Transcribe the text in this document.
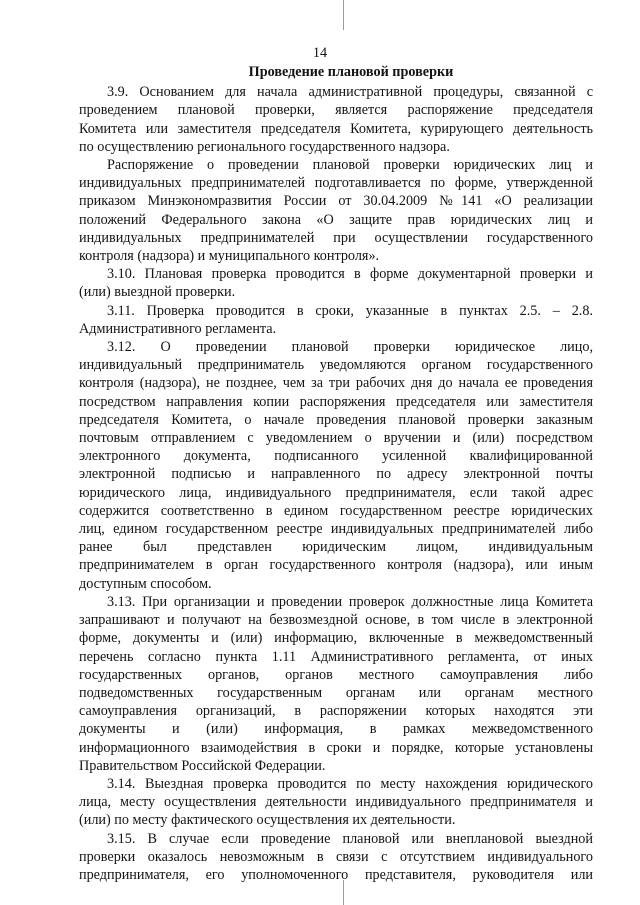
14
Проведение плановой проверки
3.9. Основанием для начала административной процедуры, связанной с
проведением плановой проверки, является распоряжение председателя
Комитета или заместителя председателя Комитета, курирующего деятельность
по осуществлению регионального государственного надзора.
Распоряжение о проведении плановой проверки юридических лиц и
индивидуальных предпринимателей подготавливается по форме, утвержденной
приказом Минэкономразвития России от 30.04.2009 №141 «О реализации
положений Федерального закона «О защите прав юридических лиц и
индивидуальных предпринимателей при осуществлении государственного
контроля (надзора) и муниципального контроля».
3.10. Плановая проверка проводится в форме документарной проверки и
(или) выездной проверки.
3.11. Проверка проводится в сроки, указанные в пунктах 2.5. – 2.8.
Административного регламента.
3.12. О проведении плановой проверки юридическое лицо,
индивидуальный предприниматель уведомляются органом государственного
контроля (надзора), не позднее, чем за три рабочих дня до начала ее проведения
посредством направления копии распоряжения председателя или заместителя
председателя Комитета, о начале проведения плановой проверки заказным
почтовым отправлением с уведомлением о вручении и (или) посредством
электронного документа, подписанного усиленной квалифицированной
электронной подписью и направленного по адресу электронной почты
юридического лица, индивидуального предпринимателя, если такой адрес
содержится соответственно в едином государственном реестре юридических
лиц, едином государственном реестре индивидуальных предпринимателей либо
ранее был представлен юридическим лицом, индивидуальным
предпринимателем в орган государственного контроля (надзора), или иным
доступным способом.
3.13. При организации и проведении проверок должностные лица Комитета
запрашивают и получают на безвозмездной основе, в том числе в электронной
форме, документы и (или) информацию, включенные в межведомственный
перечень согласно пункта 1.11 Административного регламента, от иных
государственных органов, органов местного самоуправления либо
подведомственных государственным органам или органам местного
самоуправления организаций, в распоряжении которых находятся эти
документы и (или) информация, в рамках межведомственного
информационного взаимодействия в сроки и порядке, которые установлены
Правительством Российской Федерации.
3.14. Выездная проверка проводится по месту нахождения юридического
лица, месту осуществления деятельности индивидуального предпринимателя и
(или) по месту фактического осуществления их деятельности.
3.15. В случае если проведение плановой или внеплановой выездной
проверки оказалось невозможным в связи с отсутствием индивидуального
предпринимателя, его уполномоченного представителя, руководителя или
